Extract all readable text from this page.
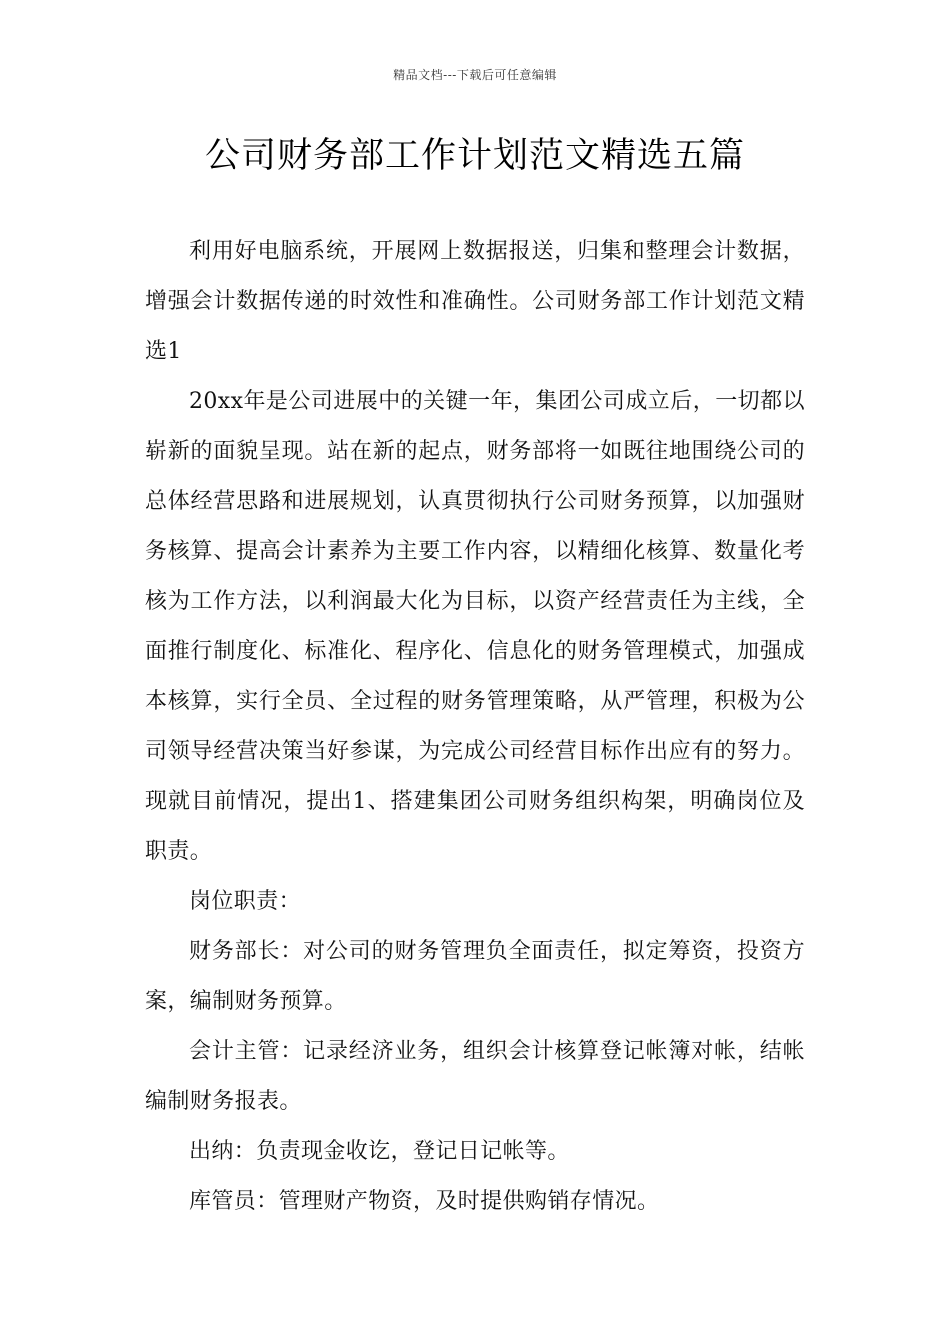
精品文档---下载后可任意编辑
公司财务部工作计划范文精选五篇

利用好电脑系统，开展网上数据报送，归集和整理会计数据，增强会计数据传递的时效性和准确性。公司财务部工作计划范文精选1

20xx年是公司进展中的关键一年，集团公司成立后，一切都以崭新的面貌呈现。站在新的起点，财务部将一如既往地围绕公司的总体经营思路和进展规划，认真贯彻执行公司财务预算，以加强财务核算、提高会计素养为主要工作内容，以精细化核算、数量化考核为工作方法，以利润最大化为目标，以资产经营责任为主线，全面推行制度化、标准化、程序化、信息化的财务管理模式，加强成本核算，实行全员、全过程的财务管理策略，从严管理，积极为公司领导经营决策当好参谋，为完成公司经营目标作出应有的努力。现就目前情况，提出1、搭建集团公司财务组织构架，明确岗位及职责。

岗位职责：

财务部长：对公司的财务管理负全面责任，拟定筹资，投资方案，编制财务预算。

会计主管：记录经济业务，组织会计核算登记帐簿对帐，结帐编制财务报表。

出纳：负责现金收讫，登记日记帐等。

库管员：管理财产物资，及时提供购销存情况。
